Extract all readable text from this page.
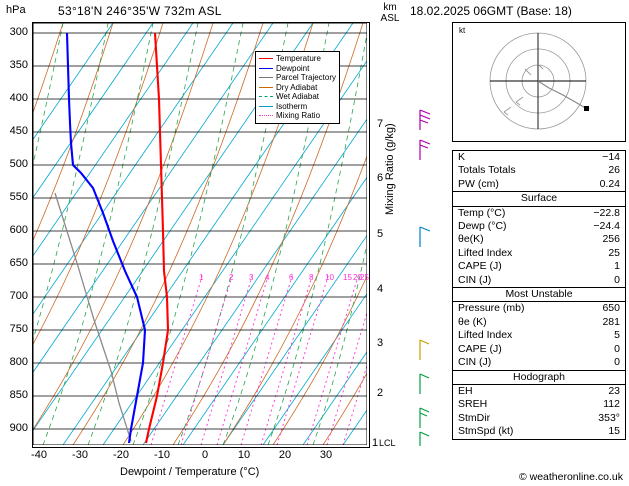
hPa	53°18'N 246°35'W 732m ASL	km
ASL
18.02.2025 06GMT (Base: 18)
1	2 3 4 6 8 10 15 20
25
Temperature
Dewpoint
Parcel Trajectory
Dry Adiabat
Wet Adiabat
Isotherm
Mixing Ratio
300
350
400
450
500
550
600
650
700
750
800
850
900
-40	-30	-20	-10	0	10	20	30
Dewpoint / Temperature (°C)
7
6
5
4
3
2
1 LCL
Mixing Ratio (g/kg)
kt
K	−14
Totals Totals	26
PW (cm)	0.24
Surface
Temp (°C)	−22.8
Dewp (°C)	−24.4
θe(K)	256
Lifted Index	25
CAPE (J)	1
CIN (J)	0
Most Unstable
Pressure (mb)	650
θe (K)	281
Lifted Index	5
CAPE (J)	0
CIN (J)	0
Hodograph
EH	23
SREH	112
StmDir	353°
StmSpd (kt)	15
© weatheronline.co.uk
